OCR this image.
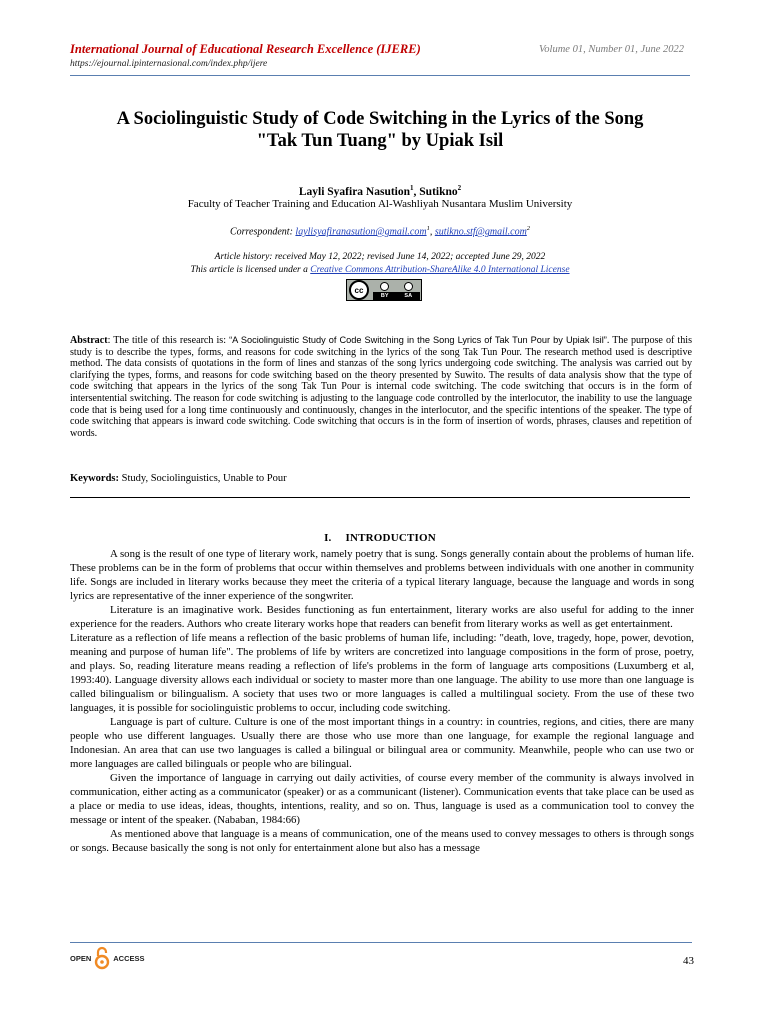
International Journal of Educational Research Excellence (IJERE)	Volume 01, Number 01, June 2022
https://ejournal.ipinternasional.com/index.php/ijere
A Sociolinguistic Study of Code Switching in the Lyrics of the Song
"Tak Tun Tuang" by Upiak Isil
Layli Syafira Nasution$^1$, Sutikno$^2$
Faculty of Teacher Training and Education Al-Washliyah Nusantara Muslim University
Correspondent: laylisyafiranasution@gmail.com$^1$, sutikno.stf@gmail.com$^2$
Article history: received May 12, 2022; revised June 14, 2022; accepted June 29, 2022
This article is licensed under a Creative Commons Attribution-ShareAlike 4.0 International License
cc
BY	SA
Abstract: The title of this research is: “A Sociolinguistic Study of Code Switching in the Song Lyrics of Tak Tun Pour by Upiak Isil”. The purpose of this study is to describe the types, forms, and reasons for code switching in the lyrics of the song Tak Tun Pour. The research method used is descriptive method. The data consists of quotations in the form of lines and stanzas of the song lyrics undergoing code switching. The analysis was carried out by clarifying the types, forms, and reasons for code switching based on the theory presented by Suwito. The results of data analysis show that the type of code switching that appears in the lyrics of the song Tak Tun Pour is internal code switching. The code switching that occurs is in the form of intersentential switching. The reason for code switching is adjusting to the language code controlled by the interlocutor, the inability to use the language code that is being used for a long time continuously and continuously, changes in the interlocutor, and the specific intentions of the speaker. The type of code switching that appears is inward code switching. Code switching that occurs is in the form of insertion of words, phrases, clauses and repetition of words.
Keywords: Study, Sociolinguistics, Unable to Pour
I. INTRODUCTION

A song is the result of one type of literary work, namely poetry that is sung. Songs generally contain about the problems of human life. These problems can be in the form of problems that occur within themselves and problems between individuals with one another in community life. Songs are included in literary works because they meet the criteria of a typical literary language, because the language and words in song lyrics are representative of the inner experience of the songwriter.

Literature is an imaginative work. Besides functioning as fun entertainment, literary works are also useful for adding to the inner experience for the readers. Authors who create literary works hope that readers can benefit from literary works as well as get entertainment.

Literature as a reflection of life means a reflection of the basic problems of human life, including: "death, love, tragedy, hope, power, devotion, meaning and purpose of human life". The problems of life by writers are concretized into language compositions in the form of prose, poetry, and plays. So, reading literature means reading a reflection of life's problems in the form of language arts compositions (Luxumberg et al, 1993:40). Language diversity allows each individual or society to master more than one language. The ability to use more than one language is called bilingualism or bilingualism. A society that uses two or more languages is called a multilingual society. From the use of these two languages, it is possible for sociolinguistic problems to occur, including code switching.

Language is part of culture. Culture is one of the most important things in a country: in countries, regions, and cities, there are many people who use different languages. Usually there are those who use more than one language, for example the regional language and Indonesian. An area that can use two languages is called a bilingual or bilingual area or community. Meanwhile, people who can use two or more languages are called bilinguals or people who are bilingual.

Given the importance of language in carrying out daily activities, of course every member of the community is always involved in communication, either acting as a communicator (speaker) or as a communicant (listener). Communication events that take place can be used as a place or media to use ideas, ideas, thoughts, intentions, reality, and so on. Thus, language is used as a communication tool to convey the message or intent of the speaker. (Nababan, 1984:66)

As mentioned above that language is a means of communication, one of the means used to convey messages to others is through songs or songs. Because basically the song is not only for entertainment alone but also has a message

OPEN	ACCESS	43
